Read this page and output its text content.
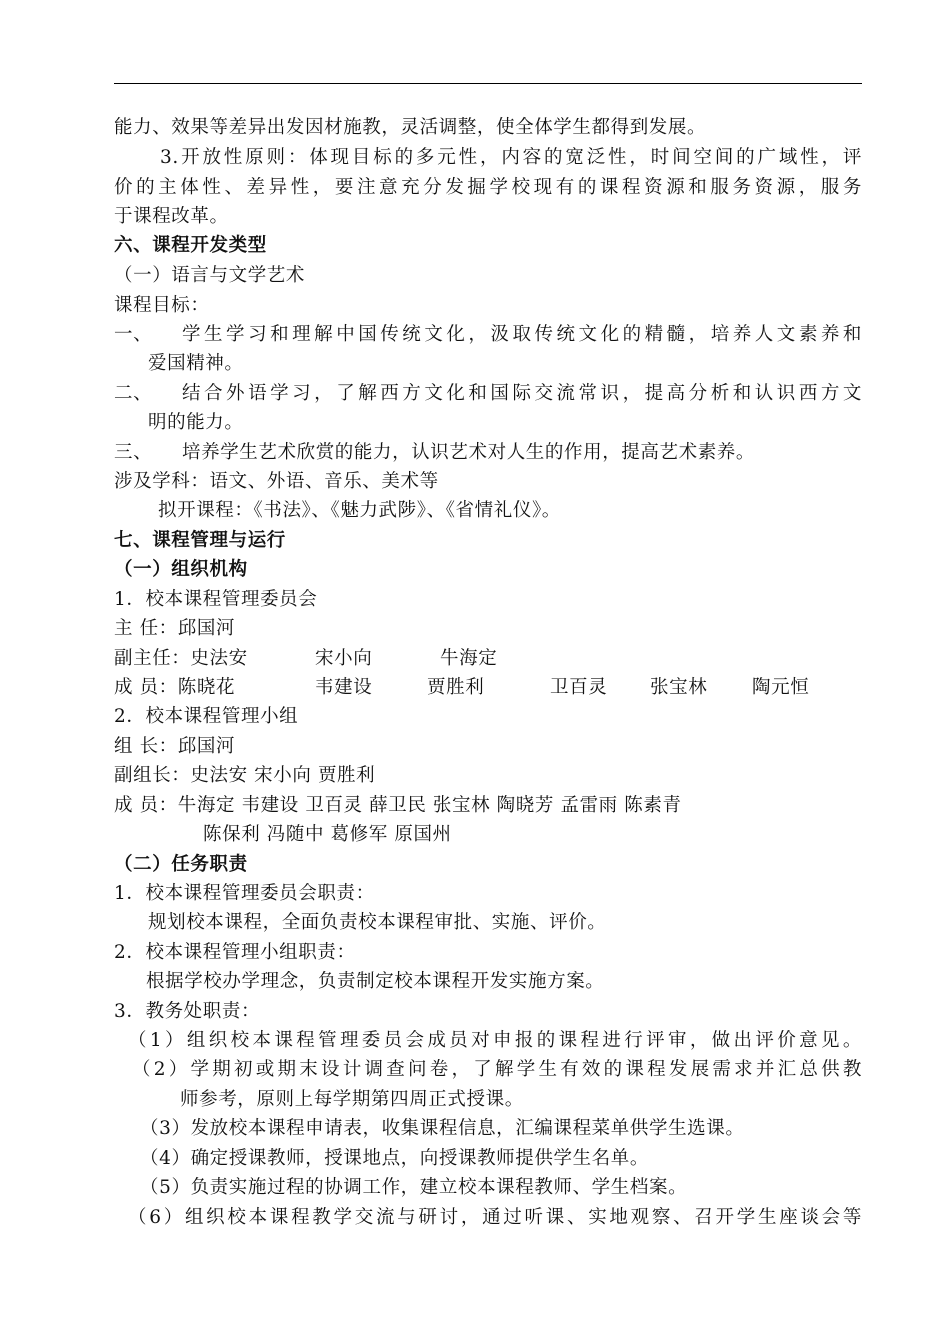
能力、效果等差异出发因材施教，灵活调整，使全体学生都得到发展。
3.开放性原则：体现目标的多元性，内容的宽泛性，时间空间的广域性，评
价的主体性、差异性，要注意充分发掘学校现有的课程资源和服务资源，服务
于课程改革。
六、课程开发类型
（一）语言与文学艺术
课程目标：
一、 学生学习和理解中国传统文化，汲取传统文化的精髓，培养人文素养和
爱国精神。
二、 结合外语学习，了解西方文化和国际交流常识，提高分析和认识西方文
明的能力。
三、 培养学生艺术欣赏的能力，认识艺术对人生的作用，提高艺术素养。
涉及学科：语文、外语、音乐、美术等
拟开课程：《书法》、《魅力武陟》、《省情礼仪》。
七、课程管理与运行
（一）组织机构
1．校本课程管理委员会
主 任：邱国河
副主任：史法安	宋小向	牛海定
成 员：陈晓花	韦建设	贾胜利	卫百灵 张宝林 陶元恒
2．校本课程管理小组
组 长：邱国河
副组长：史法安 宋小向 贾胜利
成 员：牛海定 韦建设 卫百灵 薛卫民 张宝林 陶晓芳 孟雷雨 陈素青
陈保利 冯随中 葛修军 原国州
（二）任务职责
1．校本课程管理委员会职责：
规划校本课程，全面负责校本课程审批、实施、评价。
2．校本课程管理小组职责：
根据学校办学理念，负责制定校本课程开发实施方案。
3．教务处职责：
（1）组织校本课程管理委员会成员对申报的课程进行评审，做出评价意见。
（2）学期初或期末设计调查问卷，了解学生有效的课程发展需求并汇总供教
师参考，原则上每学期第四周正式授课。
（3）发放校本课程申请表，收集课程信息，汇编课程菜单供学生选课。
（4）确定授课教师，授课地点，向授课教师提供学生名单。
（5）负责实施过程的协调工作，建立校本课程教师、学生档案。
（6）组织校本课程教学交流与研讨，通过听课、实地观察、召开学生座谈会等
